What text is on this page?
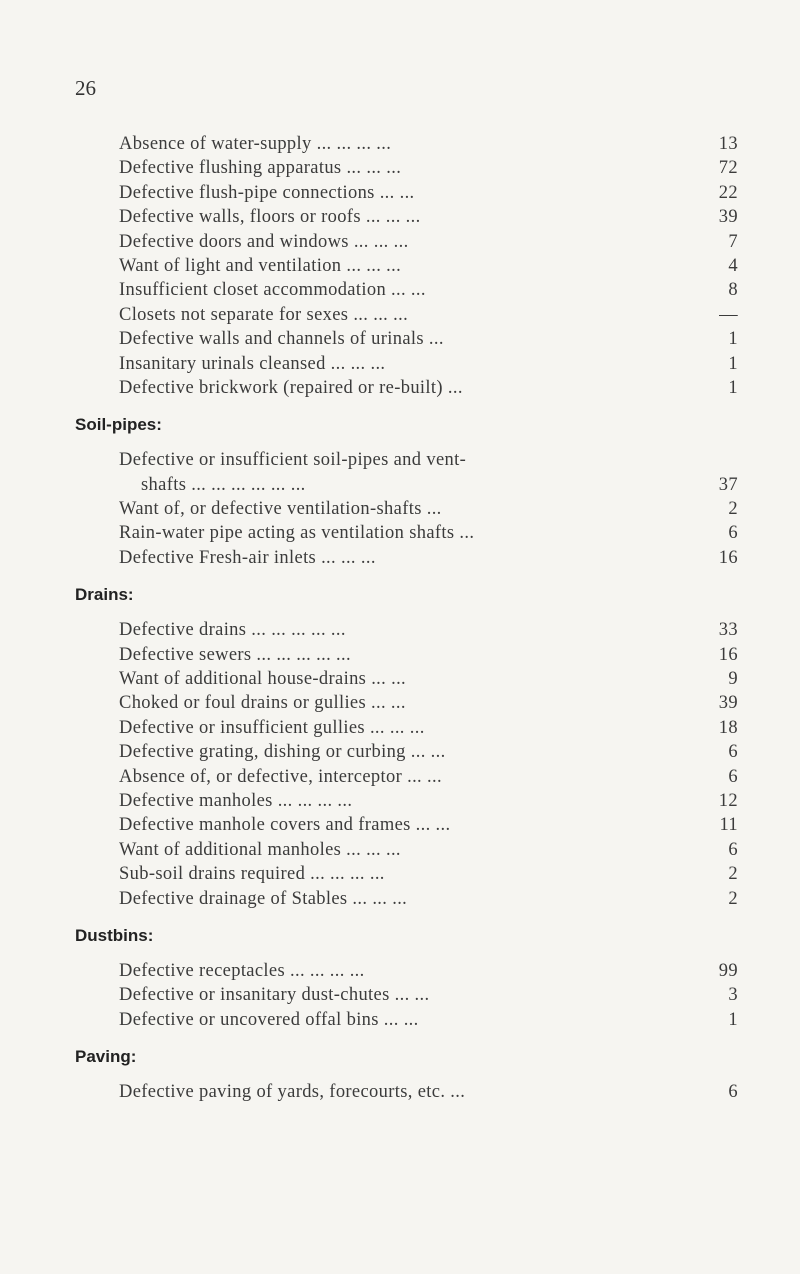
26
Absence of water-supply ... ... ... ...	13
Defective flushing apparatus ... ... ...	72
Defective flush-pipe connections ... ...	22
Defective walls, floors or roofs ... ... ...	39
Defective doors and windows ... ... ...	7
Want of light and ventilation ... ... ...	4
Insufficient closet accommodation ... ...	8
Closets not separate for sexes ... ... ...	—
Defective walls and channels of urinals ...	1
Insanitary urinals cleansed ... ... ...	1
Defective brickwork (repaired or re-built) ...	1
Soil-pipes:
Defective or insufficient soil-pipes and vent-
shafts ... ... ... ... ... ...	37
Want of, or defective ventilation-shafts ...	2
Rain-water pipe acting as ventilation shafts ...	6
Defective Fresh-air inlets ... ... ...	16
Drains:
Defective drains ... ... ... ... ...	33
Defective sewers ... ... ... ... ...	16
Want of additional house-drains ... ...	9
Choked or foul drains or gullies ... ...	39
Defective or insufficient gullies ... ... ...	18
Defective grating, dishing or curbing ... ...	6
Absence of, or defective, interceptor ... ...	6
Defective manholes ... ... ... ...	12
Defective manhole covers and frames ... ...	11
Want of additional manholes ... ... ...	6
Sub-soil drains required ... ... ... ...	2
Defective drainage of Stables ... ... ...	2
Dustbins:
Defective receptacles ... ... ... ...	99
Defective or insanitary dust-chutes ... ...	3
Defective or uncovered offal bins ... ...	1
Paving:
Defective paving of yards, forecourts, etc. ...	6
